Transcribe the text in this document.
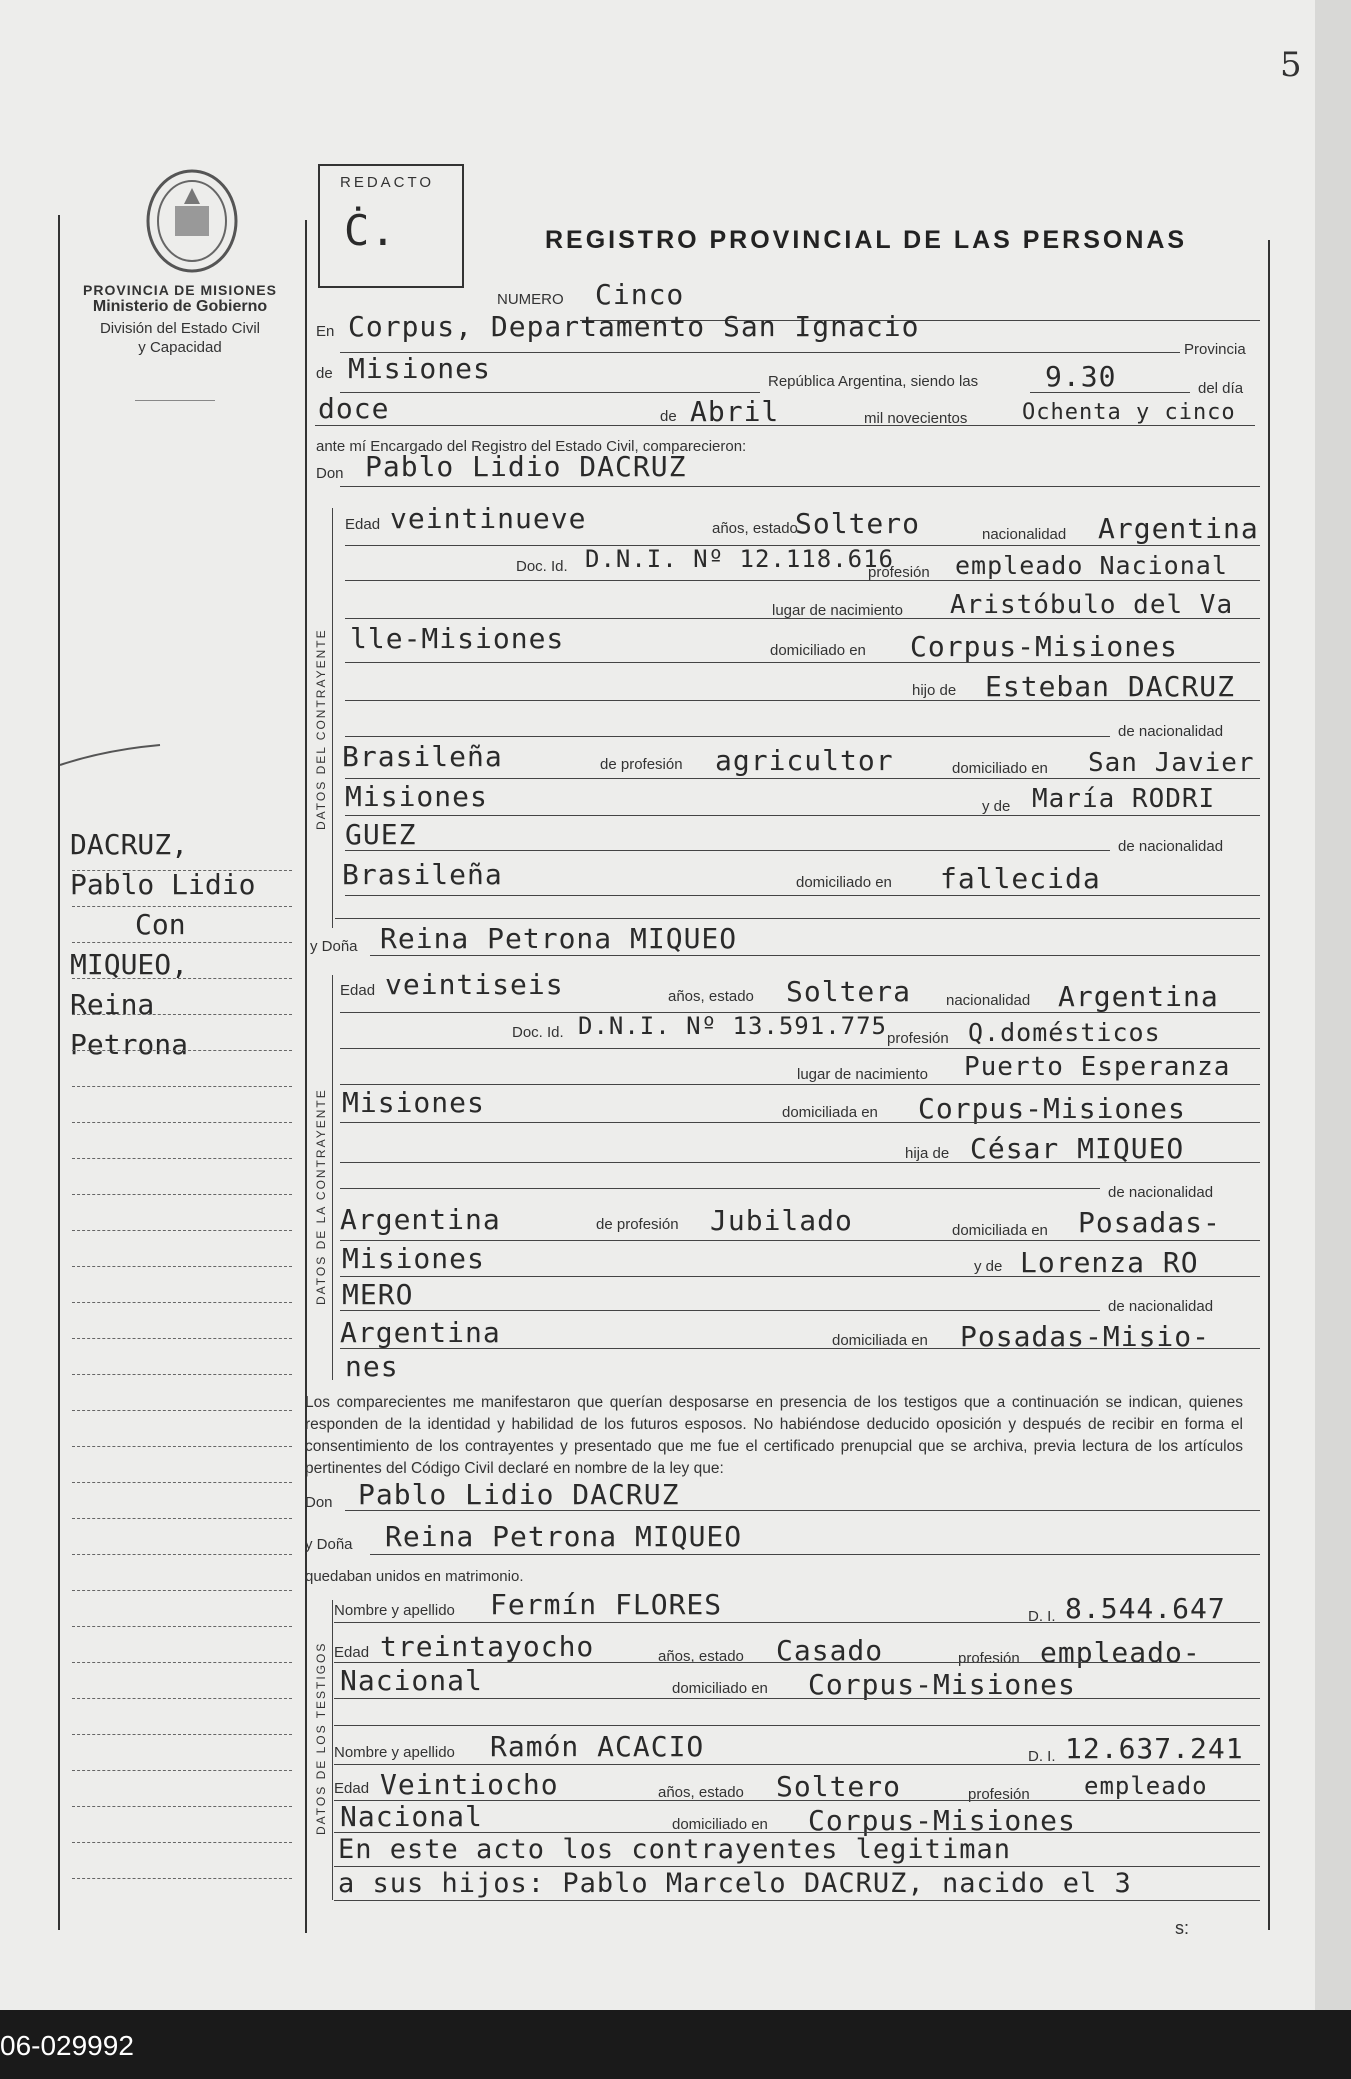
5
PROVINCIA DE MISIONES
Ministerio de Gobierno
División del Estado Civil
y Capacidad
REDACTO
Ċ.	REGISTRO PROVINCIAL DE LAS PERSONAS
DATOS DEL CONTRAYENTE
DATOS DE LA CONTRAYENTE
DATOS DE LOS TESTIGOS
NUMERO Cinco
En Corpus, Departamento San Ignacio
Provincia
de Misiones	República Argentina, siendo las 9.30	del día
doce	de Abril	mil novecientos Ochenta y cinco
ante mí Encargado del Registro del Estado Civil, comparecieron:
Don Pablo Lidio DACRUZ
Edad veintinueve	años, estado
Soltero	nacionalidad Argentina
Doc. Id. D.N.I. Nº 12.118.616
profesión empleado Nacional
lugar de nacimiento Aristóbulo del Va
lle-Misiones	domiciliado en Corpus-Misiones
hijo de Esteban DACRUZ
de nacionalidad
Brasileña	de profesión agricultor	domiciliado en San Javier
Misiones	y de María RODRI
GUEZ	de nacionalidad
Brasileña	domiciliado en fallecida
y Doña Reina Petrona MIQUEO
Edad veintiseis	años, estado Soltera nacionalidad Argentina
Doc. Id. D.N.I. Nº 13.591.775 profesión Q.domésticos
lugar de nacimiento Puerto Esperanza
Misiones	domiciliada en Corpus-Misiones
hija de César MIQUEO
de nacionalidad
Argentina	de profesión Jubilado	domiciliada en Posadas-
Misiones	y de Lorenza RO
MERO	de nacionalidad
Argentina	domiciliada en Posadas-Misio-
nes
Los comparecientes me manifestaron que querían desposarse en presencia de los testigos que a continuación se indican, quienes responden de la identidad y habilidad de los futuros esposos. No habiéndose deducido oposición y después de recibir en forma el consentimiento de los contrayentes y presentado que me fue el certificado prenupcial que se archiva, previa lectura de los artículos pertinentes del Código Civil declaré en nombre de la ley que:
Don Pablo Lidio DACRUZ
y Doña Reina Petrona MIQUEO
quedaban unidos en matrimonio.
Nombre y apellido Fermín FLORES	D. I. 8.544.647
Edad treintayocho	años, estado Casado	profesión empleado-
Nacional	domiciliado en Corpus-Misiones
Nombre y apellido Ramón ACACIO	D. I. 12.637.241
Edad Veintiocho	años, estado Soltero	profesión empleado
Nacional	domiciliado en Corpus-Misiones
En este acto los contrayentes legitiman
a sus hijos: Pablo Marcelo DACRUZ, nacido el 3
s:
DACRUZ,
Pablo Lidio
Con
MIQUEO,
Reina
Petrona
06-029992
